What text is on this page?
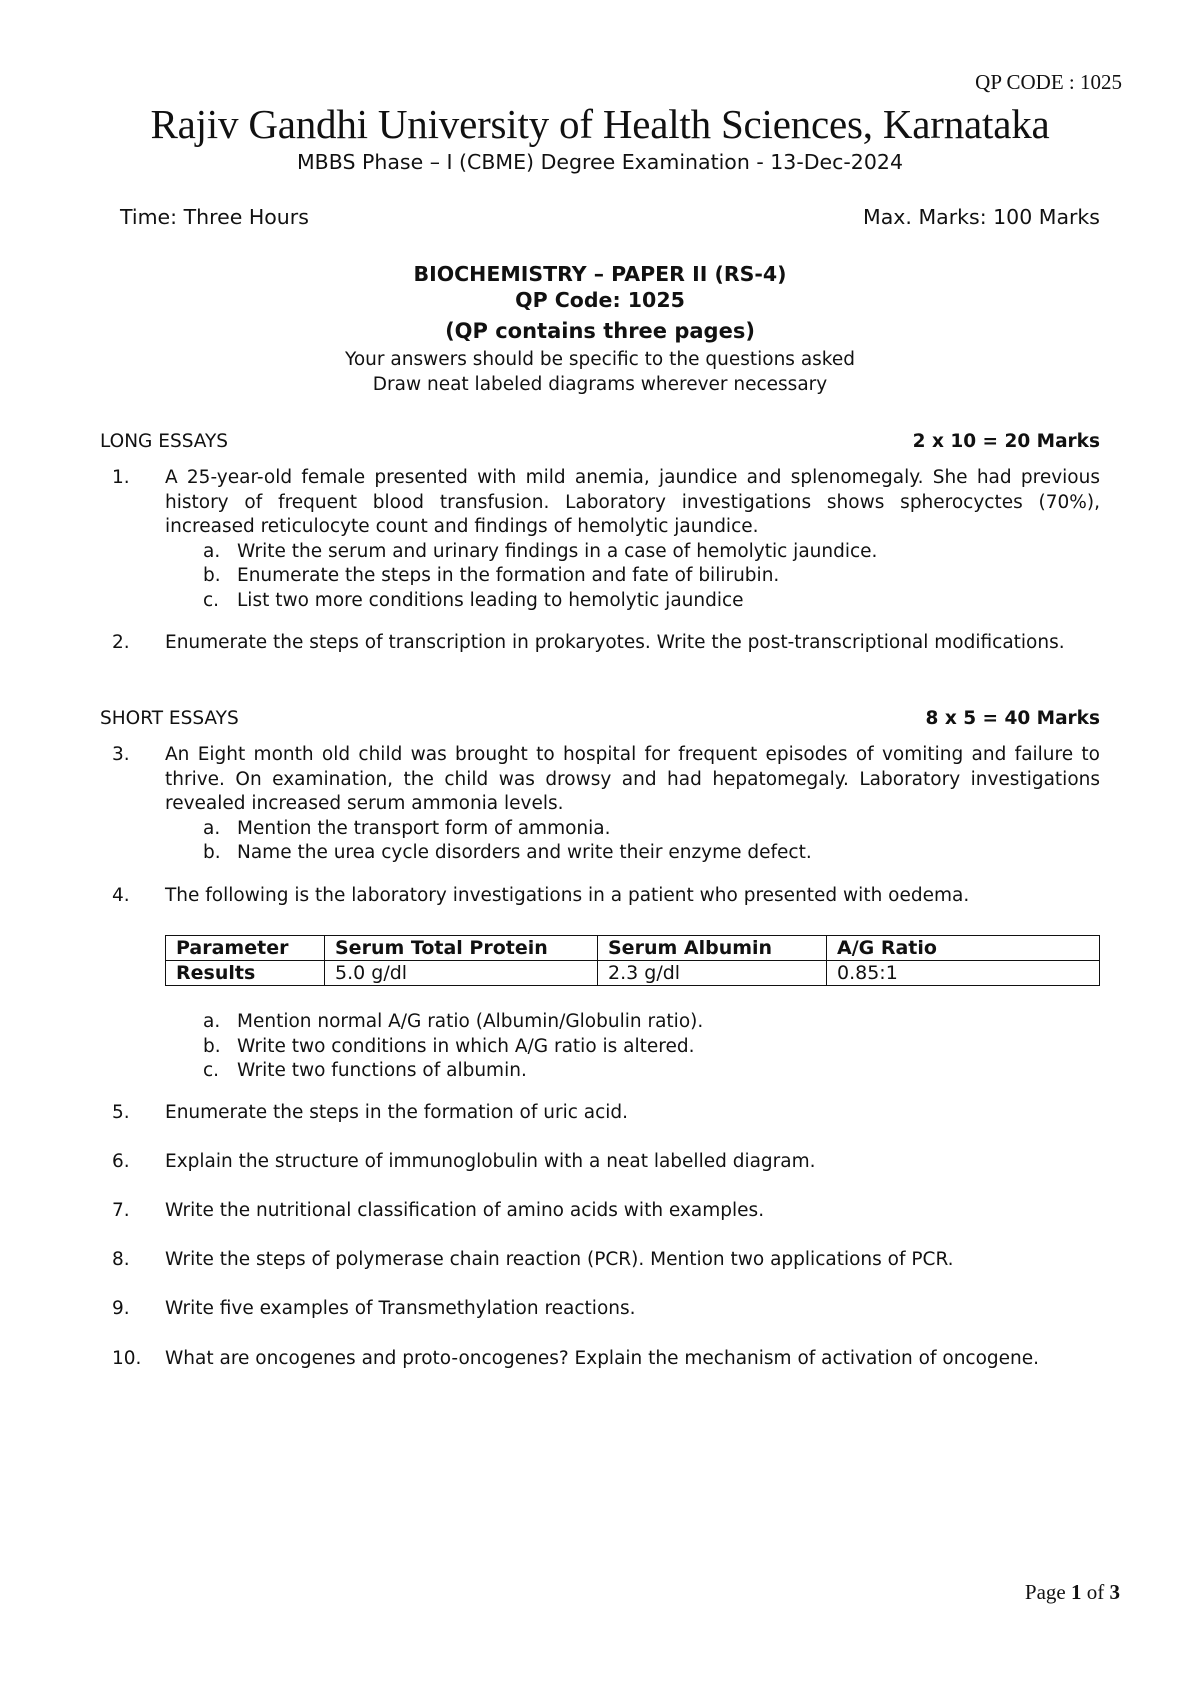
QP CODE : 1025
Rajiv Gandhi University of Health Sciences, Karnataka
MBBS Phase – I (CBME) Degree Examination - 13-Dec-2024
Time: Three Hours	Max. Marks: 100 Marks
BIOCHEMISTRY – PAPER II (RS-4)
QP Code: 1025
(QP contains three pages)
Your answers should be specific to the questions asked
Draw neat labeled diagrams wherever necessary
LONG ESSAYS	2 x 10 = 20 Marks
1. A 25-year-old female presented with mild anemia, jaundice and splenomegaly. She had previous history of frequent blood transfusion. Laboratory investigations shows spherocyctes (70%), increased reticulocyte count and findings of hemolytic jaundice.
a. Write the serum and urinary findings in a case of hemolytic jaundice.
b. Enumerate the steps in the formation and fate of bilirubin.
c. List two more conditions leading to hemolytic jaundice
2. Enumerate the steps of transcription in prokaryotes. Write the post-transcriptional modifications.
SHORT ESSAYS	8 x 5 = 40 Marks
3. An Eight month old child was brought to hospital for frequent episodes of vomiting and failure to thrive. On examination, the child was drowsy and had hepatomegaly. Laboratory investigations revealed increased serum ammonia levels.
a. Mention the transport form of ammonia.
b. Name the urea cycle disorders and write their enzyme defect.
4. The following is the laboratory investigations in a patient who presented with oedema.
Parameter	Serum Total Protein	Serum Albumin	A/G Ratio
Results	5.0 g/dl	2.3 g/dl	0.85:1
a. Mention normal A/G ratio (Albumin/Globulin ratio).
b. Write two conditions in which A/G ratio is altered.
c. Write two functions of albumin.
5. Enumerate the steps in the formation of uric acid.
6. Explain the structure of immunoglobulin with a neat labelled diagram.
7. Write the nutritional classification of amino acids with examples.
8. Write the steps of polymerase chain reaction (PCR). Mention two applications of PCR.
9. Write five examples of Transmethylation reactions.
10. What are oncogenes and proto-oncogenes? Explain the mechanism of activation of oncogene.
Page 1 of 3
